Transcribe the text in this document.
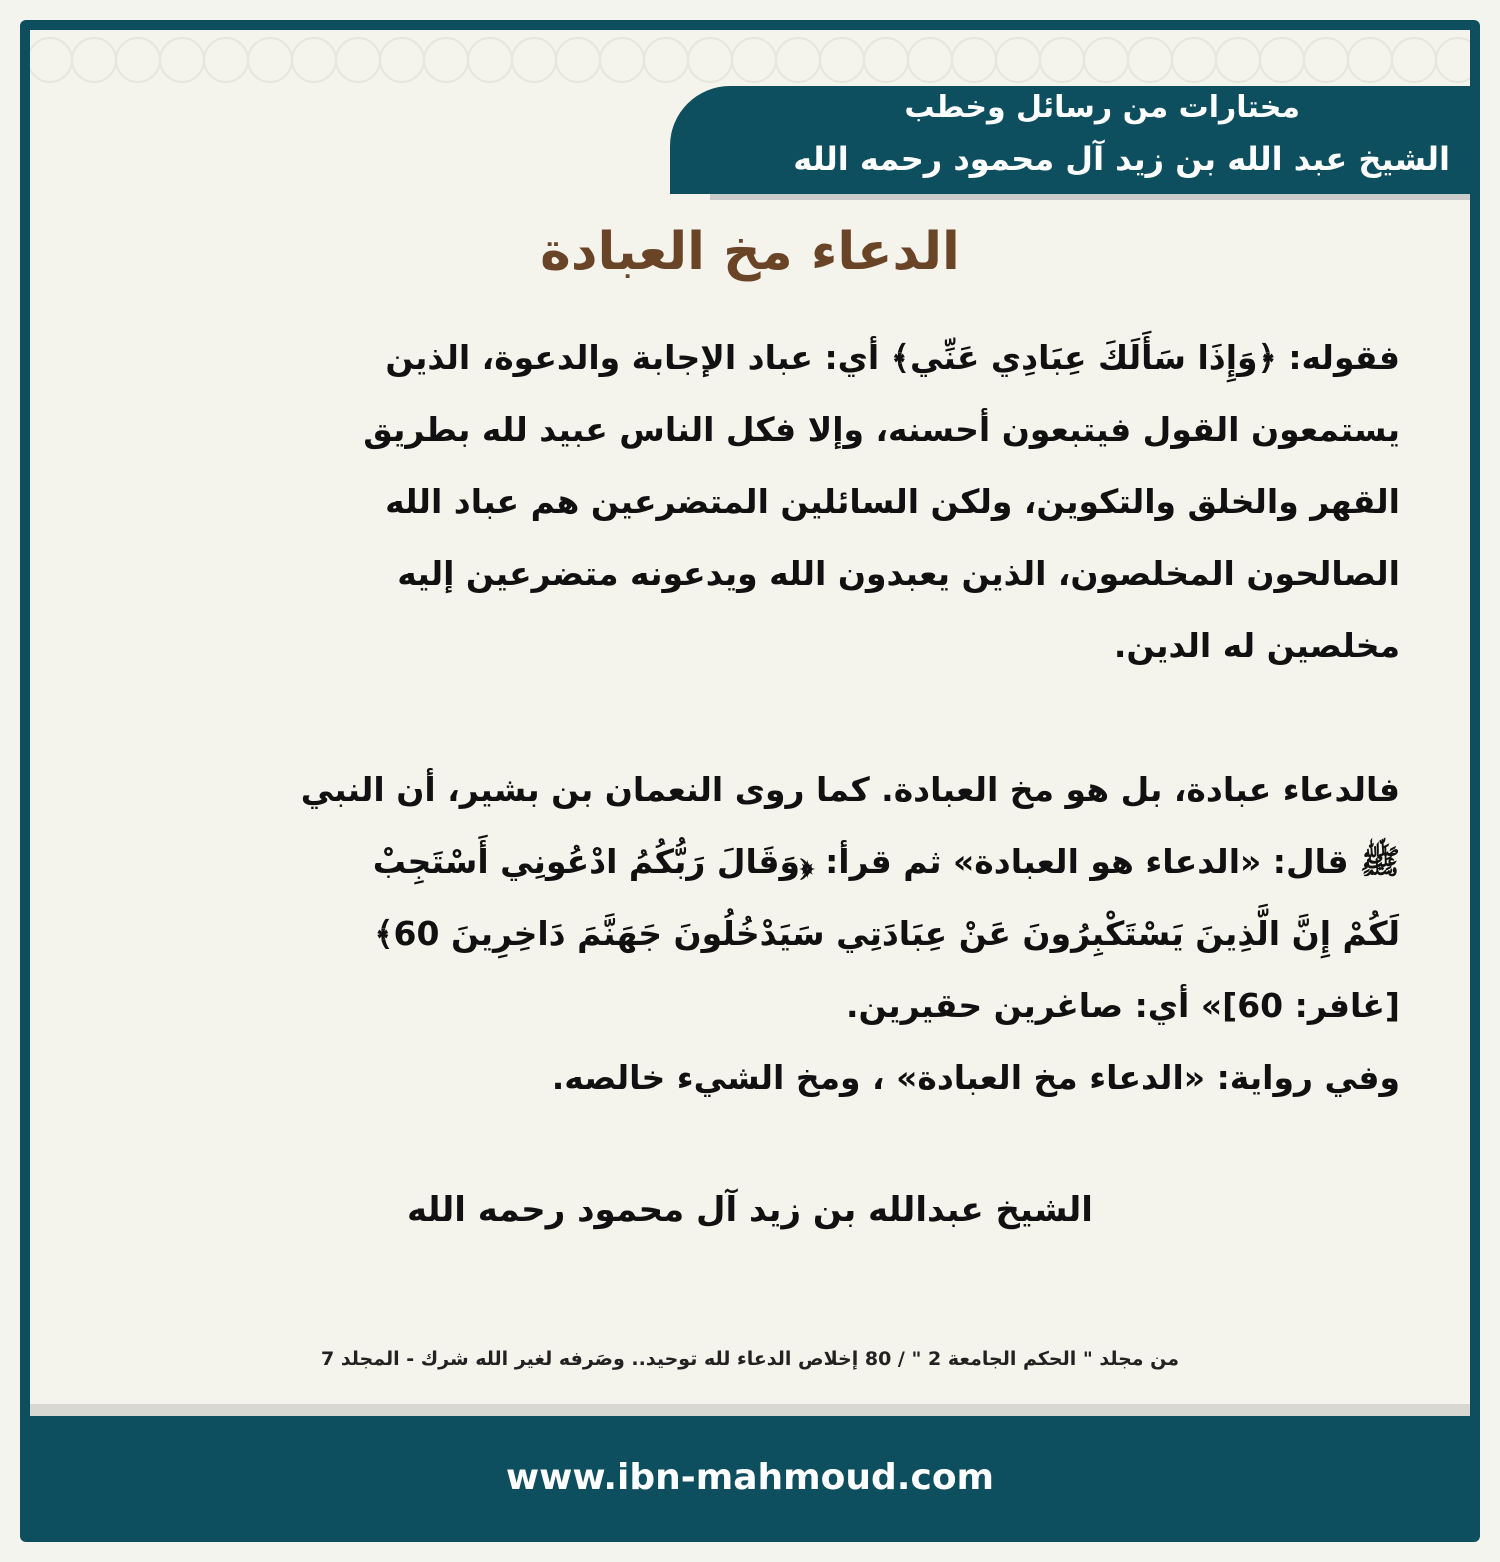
مختارات من رسائل وخطب
الشيخ عبد الله بن زيد آل محمود رحمه الله
الدعاء مخ العبادة
فقوله: ﴿وَإِذَا سَأَلَكَ عِبَادِي عَنِّي﴾ أي: عباد الإجابة والدعوة، الذين
يستمعون القول فيتبعون أحسنه، وإلا فكل الناس عبيد لله بطريق
القهر والخلق والتكوين، ولكن السائلين المتضرعين هم عباد الله
الصالحون المخلصون، الذين يعبدون الله ويدعونه متضرعين إليه
مخلصين له الدين.
فالدعاء عبادة، بل هو مخ العبادة. كما روى النعمان بن بشير، أن النبي
ﷺ قال: «الدعاء هو العبادة» ثم قرأ: ﴿وَقَالَ رَبُّكُمُ ادْعُونِي أَسْتَجِبْ
لَكُمْ إِنَّ الَّذِينَ يَسْتَكْبِرُونَ عَنْ عِبَادَتِي سَيَدْخُلُونَ جَهَنَّمَ دَاخِرِينَ 60﴾
[غافر: 60]» أي: صاغرين حقيرين.
وفي رواية: «الدعاء مخ العبادة» ، ومخ الشيء خالصه.
الشيخ عبدالله بن زيد آل محمود رحمه الله
من مجلد " الحكم الجامعة 2 " / 80 إخلاص الدعاء لله توحيد.. وصَرفه لغير الله شرك - المجلد 7
www.ibn-mahmoud.com
